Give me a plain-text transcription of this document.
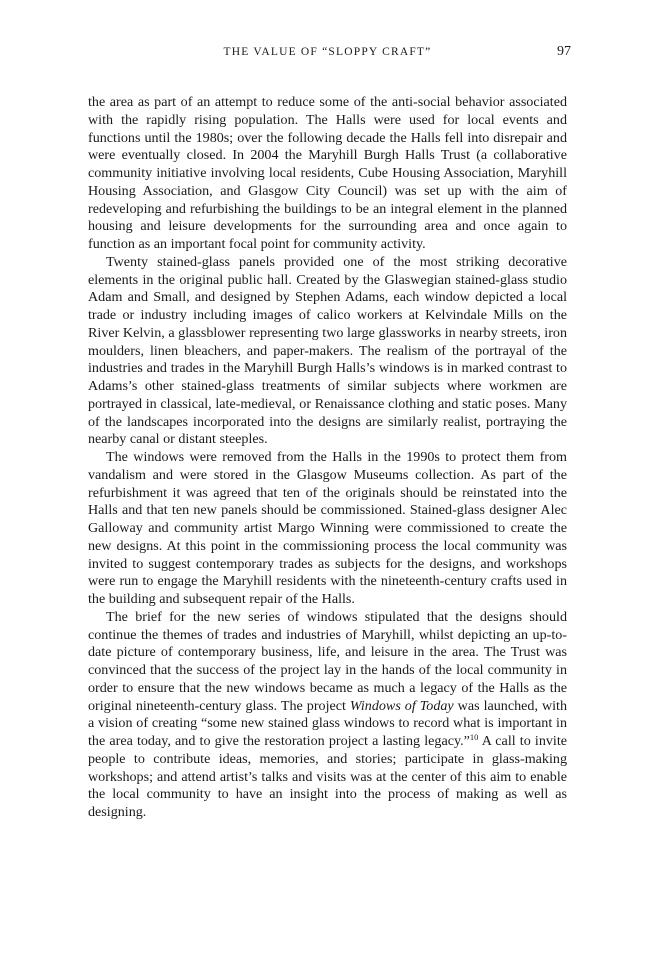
THE VALUE OF “SLOPPY CRAFT”	97

the area as part of an attempt to reduce some of the anti-social behavior associated with the rapidly rising population. The Halls were used for local events and functions until the 1980s; over the following decade the Halls fell into disrepair and were eventually closed. In 2004 the Maryhill Burgh Halls Trust (a collaborative community initiative involving local residents, Cube Housing Association, Maryhill Housing Association, and Glasgow City Council) was set up with the aim of redeveloping and refurbishing the buildings to be an integral element in the planned housing and leisure developments for the surrounding area and once again to function as an important focal point for community activity.

Twenty stained-glass panels provided one of the most striking decorative elements in the original public hall. Created by the Glaswegian stained-glass studio Adam and Small, and designed by Stephen Adams, each window depicted a local trade or industry including images of calico workers at Kelvindale Mills on the River Kelvin, a glassblower representing two large glassworks in nearby streets, iron moulders, linen bleachers, and paper-makers. The realism of the portrayal of the industries and trades in the Maryhill Burgh Halls’s windows is in marked contrast to Adams’s other stained-glass treatments of similar subjects where workmen are portrayed in classical, late-medieval, or Renaissance clothing and static poses. Many of the landscapes incorporated into the designs are similarly realist, portraying the nearby canal or distant steeples.

The windows were removed from the Halls in the 1990s to protect them from vandalism and were stored in the Glasgow Museums collection. As part of the refurbishment it was agreed that ten of the originals should be reinstated into the Halls and that ten new panels should be commissioned. Stained-glass designer Alec Galloway and community artist Margo Winning were commissioned to create the new designs. At this point in the commissioning process the local community was invited to suggest contemporary trades as subjects for the designs, and workshops were run to engage the Maryhill residents with the nineteenth-century crafts used in the building and subsequent repair of the Halls.

The brief for the new series of windows stipulated that the designs should continue the themes of trades and industries of Maryhill, whilst depicting an up-to-date picture of contemporary business, life, and leisure in the area. The Trust was convinced that the success of the project lay in the hands of the local community in order to ensure that the new windows became as much a legacy of the Halls as the original nineteenth-century glass. The project Windows of Today was launched, with a vision of creating “some new stained glass windows to record what is important in the area today, and to give the restoration project a lasting legacy.”$^{10}$ A call to invite people to contribute ideas, memories, and stories; participate in glass-making workshops; and attend artist’s talks and visits was at the center of this aim to enable the local community to have an insight into the process of making as well as designing.
